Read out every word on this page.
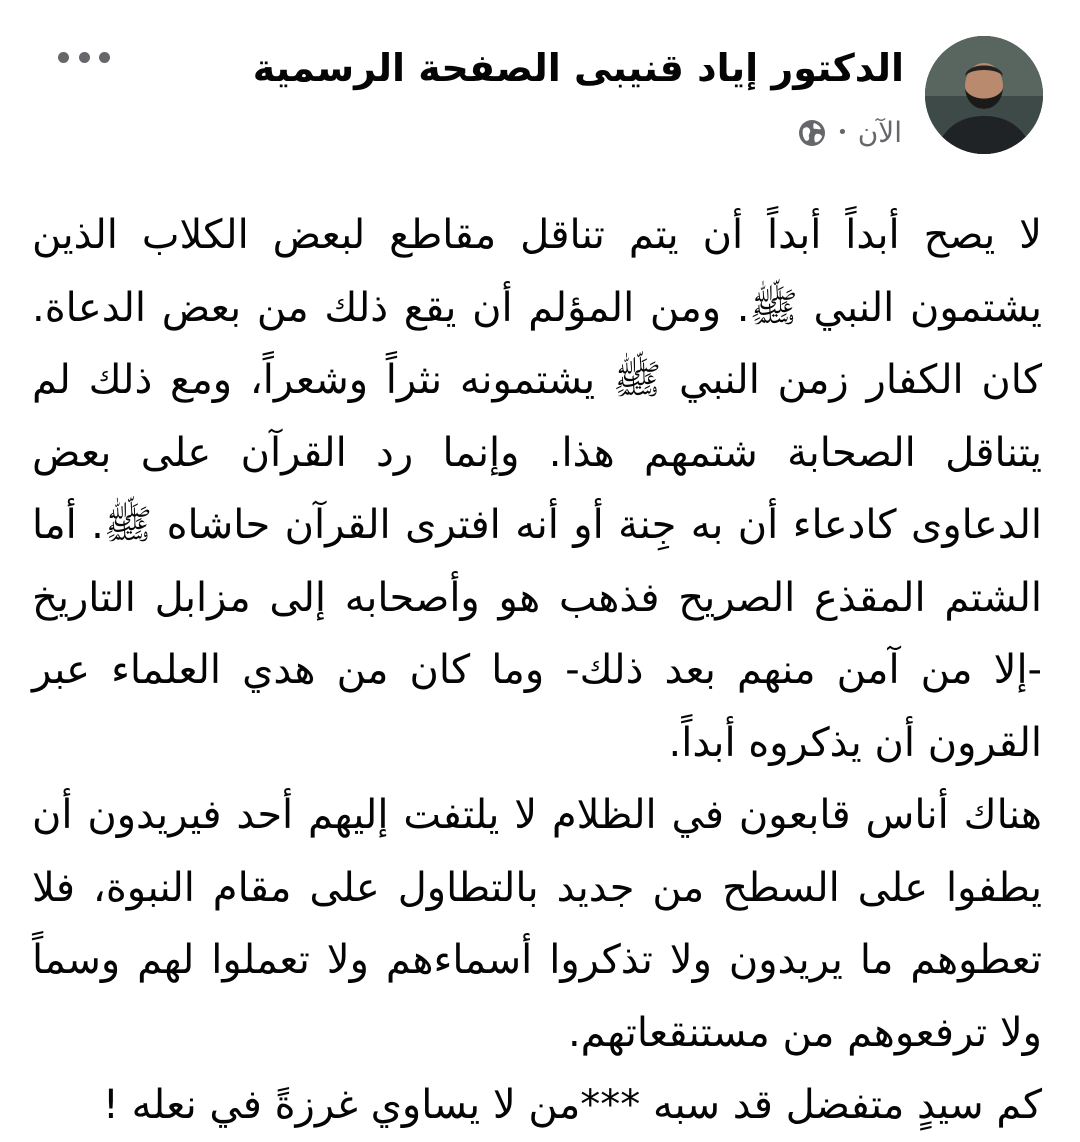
الدكتور إياد قنيبى الصفحة الرسمية
الآن
•

لا يصح أبداً أبداً أن يتم تناقل مقاطع لبعض الكلاب الذين يشتمون النبي ﷺ. ومن المؤلم أن يقع ذلك من بعض الدعاة. كان الكفار زمن النبي ﷺ يشتمونه نثراً وشعراً، ومع ذلك لم يتناقل الصحابة شتمهم هذا. وإنما رد القرآن على بعض الدعاوى كادعاء أن به جِنة أو أنه افترى القرآن حاشاه ﷺ. أما الشتم المقذع الصريح فذهب هو وأصحابه إلى مزابل التاريخ -إلا من آمن منهم بعد ذلك- وما كان من هدي العلماء عبر القرون أن يذكروه أبداً.

هناك أناس قابعون في الظلام لا يلتفت إليهم أحد فيريدون أن يطفوا على السطح من جديد بالتطاول على مقام النبوة، فلا تعطوهم ما يريدون ولا تذكروا أسماءهم ولا تعملوا لهم وسماً ولا ترفعوهم من مستنقعاتهم.

كم سيدٍ متفضل قد سبه ***من لا يساوي غرزةً في نعله !
